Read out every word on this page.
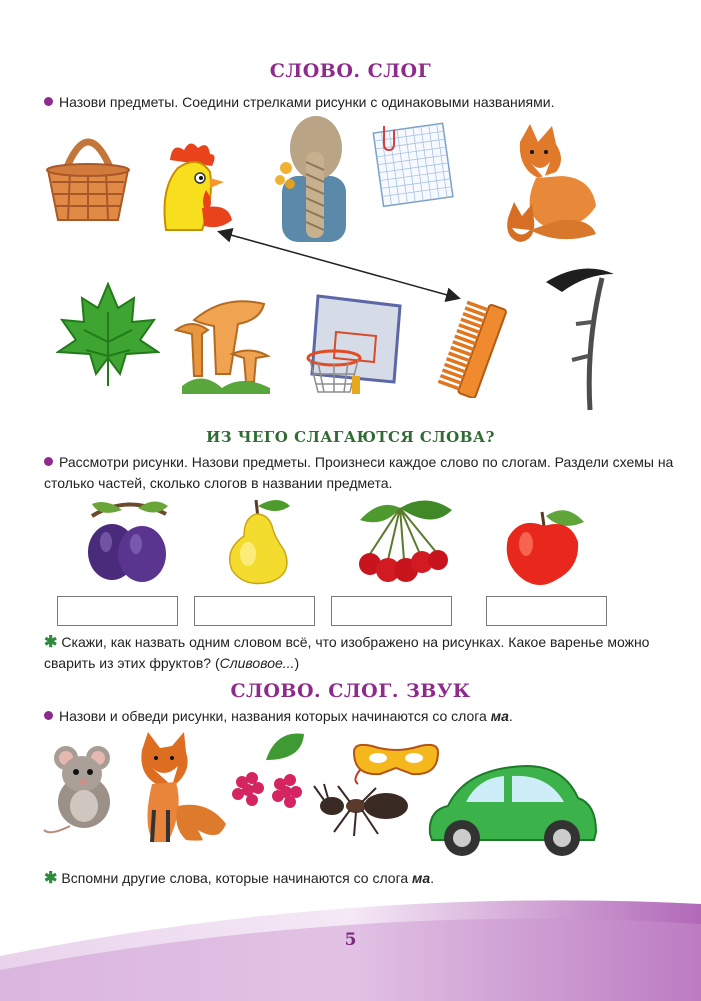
СЛОВО. СЛОГ
Назови предметы. Соедини стрелками рисунки с одинаковыми названиями.
ИЗ ЧЕГО СЛАГАЮТСЯ СЛОВА?
Рассмотри рисунки. Назови предметы. Произнеси каждое слово по слогам. Раздели схемы на столько частей, сколько слогов в названии предмета.
✱ Скажи, как назвать одним словом всё, что изображено на рисунках. Какое варенье можно сварить из этих фруктов? (Сливовое...)
СЛОВО. СЛОГ. ЗВУК
Назови и обведи рисунки, названия которых начинаются со слога ма.
✱ Вспомни другие слова, которые начинаются со слога ма.
5
